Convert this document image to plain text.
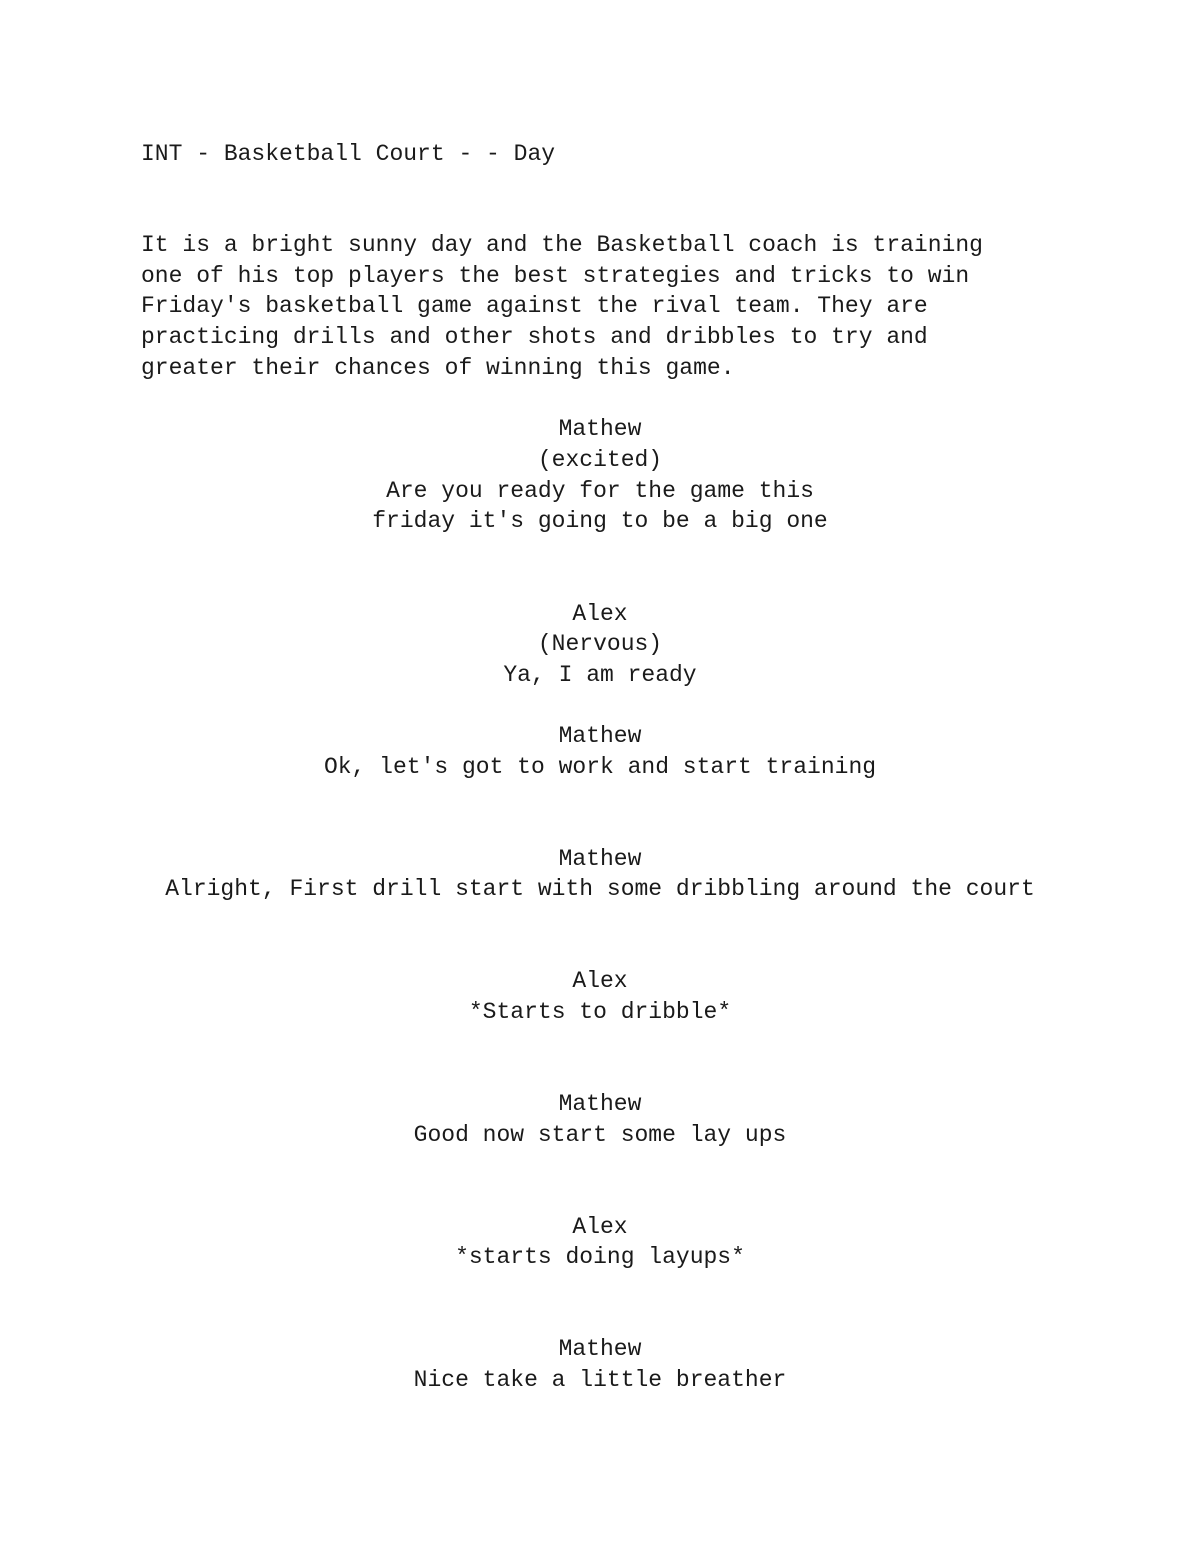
INT - Basketball Court - - Day
It is a bright sunny day and the Basketball coach is training
one of his top players the best strategies and tricks to win
Friday's basketball game against the rival team. They are
practicing drills and other shots and dribbles to try and
greater their chances of winning this game.
Mathew
(excited)
Are you ready for the game this
friday it's going to be a big one
Alex
(Nervous)
Ya, I am ready
Mathew
Ok, let's got to work and start training
Mathew
Alright, First drill start with some dribbling around the court
Alex
*Starts to dribble*
Mathew
Good now start some lay ups
Alex
*starts doing layups*
Mathew
Nice take a little breather
